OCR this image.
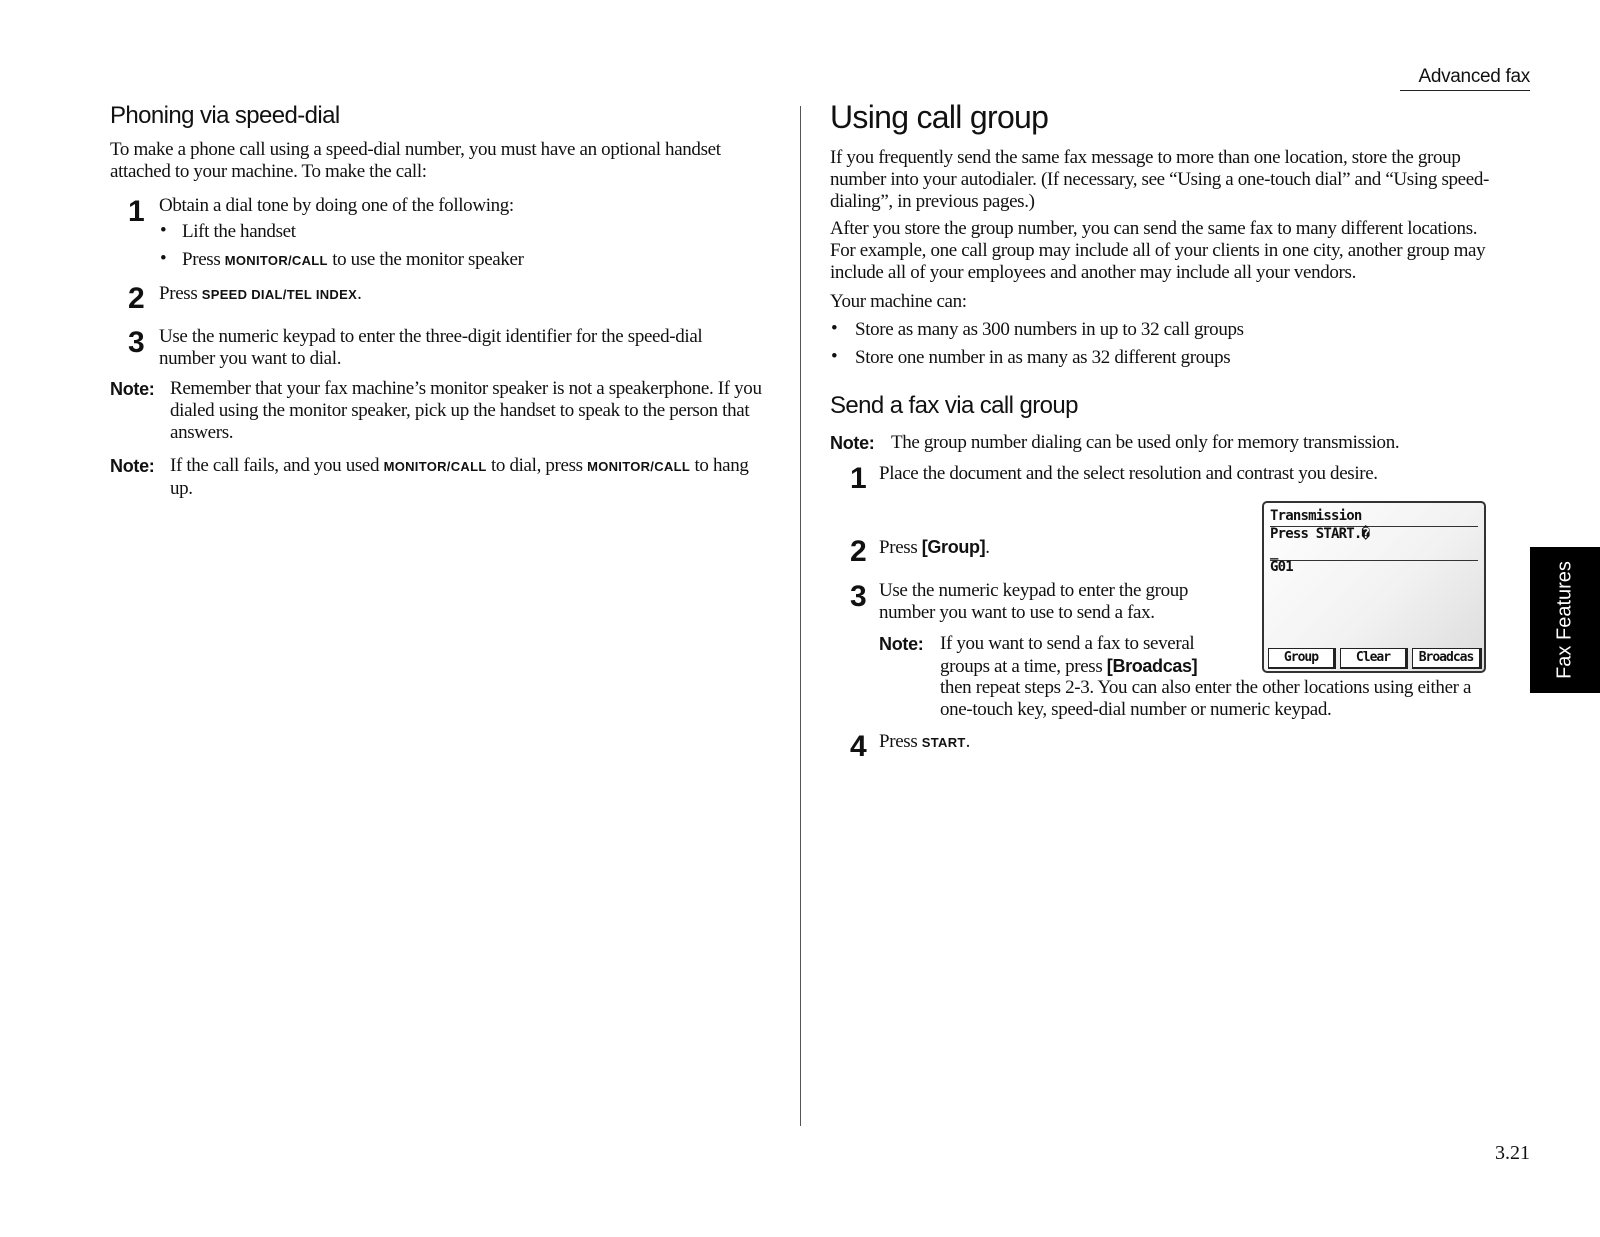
Advanced fax
Phoning via speed-dial
To make a phone call using a speed-dial number, you must have an optional handset attached to your machine. To make the call:
1 Obtain a dial tone by doing one of the following:
• Lift the handset
• Press MONITOR/CALL to use the monitor speaker
2 Press SPEED DIAL/TEL INDEX.
3 Use the numeric keypad to enter the three-digit identifier for the speed-dial number you want to dial.
Note: Remember that your fax machine’s monitor speaker is not a speakerphone. If you dialed using the monitor speaker, pick up the handset to speak to the person that answers.
Note: If the call fails, and you used MONITOR/CALL to dial, press MONITOR/CALL to hang up.
Using call group
If you frequently send the same fax message to more than one location, store the group number into your autodialer. (If necessary, see “Using a one-touch dial” and “Using speed-dialing”, in previous pages.)
After you store the group number, you can send the same fax to many different locations. For example, one call group may include all of your clients in one city, another group may include all of your employees and another may include all your vendors.
Your machine can:
• Store as many as 300 numbers in up to 32 call groups
• Store one number in as many as 32 different groups
Send a fax via call group
Note: The group number dialing can be used only for memory transmission.
1 Place the document and the select resolution and contrast you desire.
2 Press [Group].
3 Use the numeric keypad to enter the group number you want to use to send a fax.
Note: If you want to send a fax to several groups at a time, press [Broadcas]
then repeat steps 2-3. You can also enter the other locations using either a one-touch key, speed-dial number or numeric keypad.
4 Press START.
Transmission
Press START.�
_
G01
Group	Clear	Broadcas	Fax Features
3.21
